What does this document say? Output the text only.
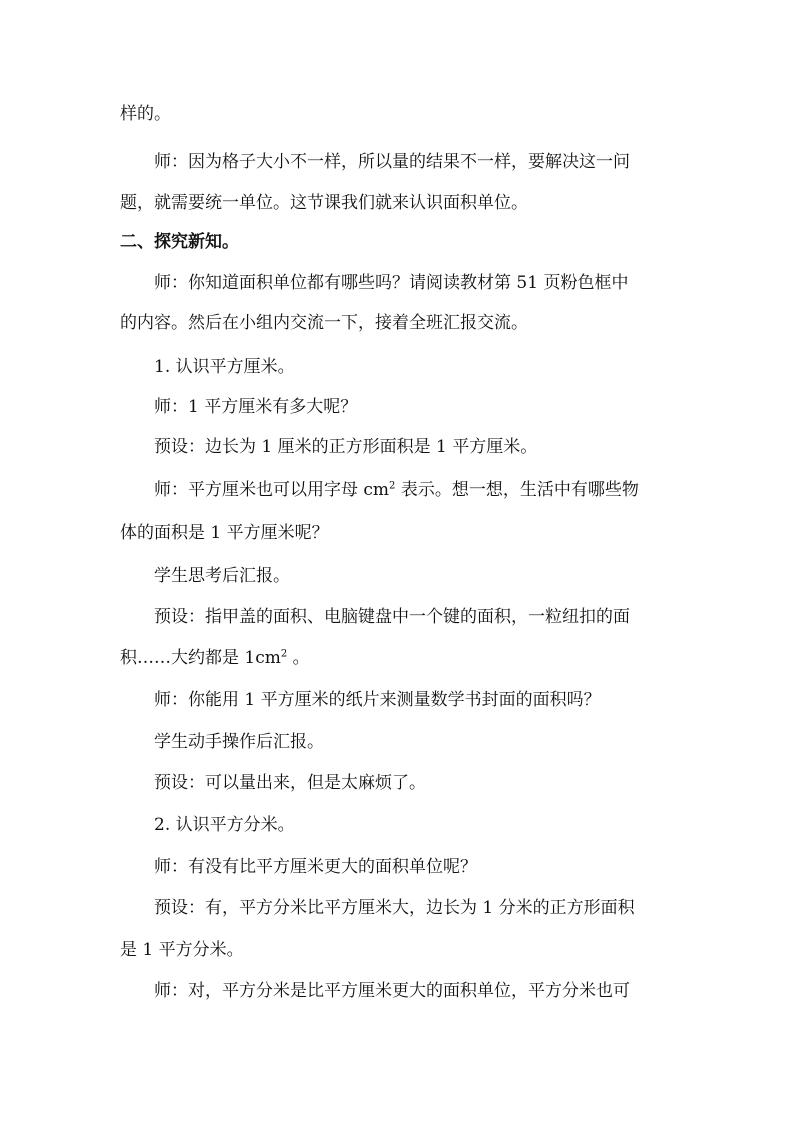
样的。
师：因为格子大小不一样，所以量的结果不一样，要解决这一问
题，就需要统一单位。这节课我们就来认识面积单位。
二、探究新知。
师：你知道面积单位都有哪些吗？请阅读教材第 51 页粉色框中
的内容。然后在小组内交流一下，接着全班汇报交流。
1. 认识平方厘米。
师：1 平方厘米有多大呢？
预设：边长为 1 厘米的正方形面积是 1 平方厘米。
师：平方厘米也可以用字母 $cm^2$ 表示。想一想，生活中有哪些物
体的面积是 1 平方厘米呢？
学生思考后汇报。
预设：指甲盖的面积、电脑键盘中一个键的面积，一粒纽扣的面
积……大约都是 $1cm^2$ 。
师：你能用 1 平方厘米的纸片来测量数学书封面的面积吗？
学生动手操作后汇报。
预设：可以量出来，但是太麻烦了。
2. 认识平方分米。
师：有没有比平方厘米更大的面积单位呢？
预设：有，平方分米比平方厘米大，边长为 1 分米的正方形面积
是 1 平方分米。
师：对，平方分米是比平方厘米更大的面积单位，平方分米也可
